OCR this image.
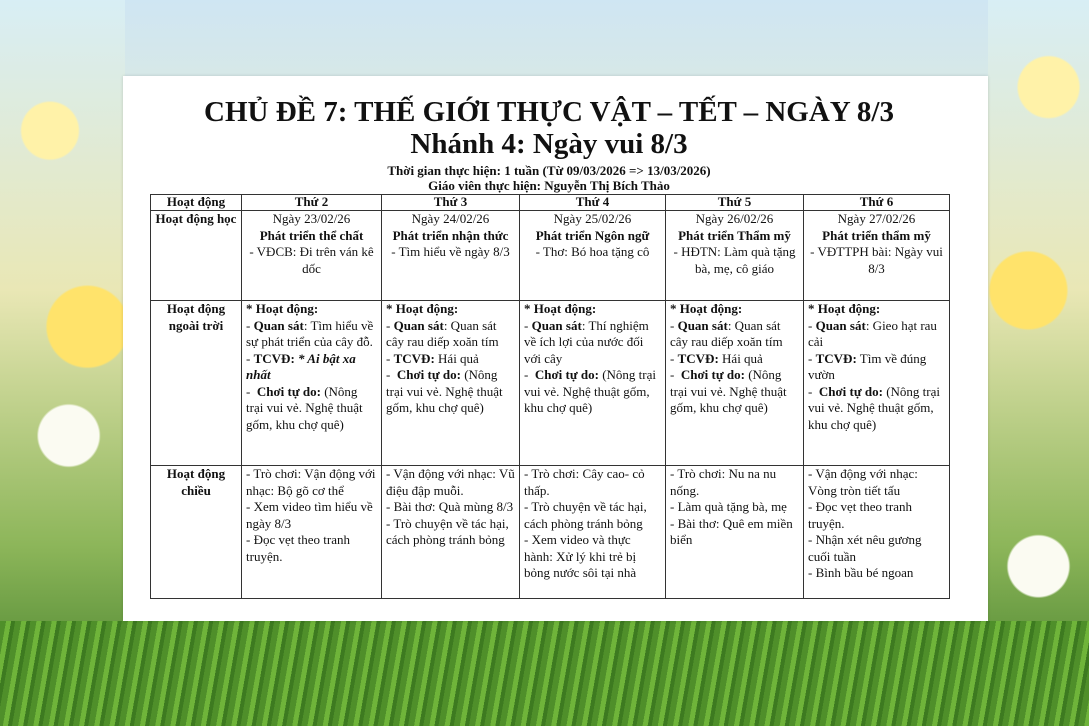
CHỦ ĐỀ 7: THẾ GIỚI THỰC VẬT – TẾT – NGÀY 8/3
Nhánh 4: Ngày vui 8/3
Thời gian thực hiện: 1 tuần (Từ 09/03/2026 => 13/03/2026)
Giáo viên thực hiện: Nguyễn Thị Bích Thảo
Hoạt động	Thứ 2	Thứ 3	Thứ 4	Thứ 5	Thứ 6
Hoạt động học	Ngày 23/02/26
Phát triển thể chất
- VĐCB: Đi trên ván kê dốc	Ngày 24/02/26
Phát triển nhận thức
- Tìm hiểu về ngày 8/3	Ngày 25/02/26
Phát triển Ngôn ngữ
- Thơ: Bó hoa tặng cô	Ngày 26/02/26
Phát triển Thẩm mỹ
- HĐTN: Làm quà tặng bà, mẹ, cô giáo	Ngày 27/02/26
Phát triển thẩm mỹ
- VĐTTPH bài: Ngày vui 8/3

Hoạt động ngoài trời	* Hoạt động:
- Quan sát: Tìm hiểu về sự phát triển của cây đỗ.
- TCVĐ: * Ai bật xa nhất
-  Chơi tự do: (Nông trại vui vẻ. Nghệ thuật gốm, khu chợ quê)	* Hoạt động:
- Quan sát: Quan sát cây rau diếp xoăn tím
- TCVĐ: Hái quả
-  Chơi tự do: (Nông trại vui vẻ. Nghệ thuật gốm, khu chợ quê)	* Hoạt động:
- Quan sát: Thí nghiệm về ích lợi của nước đối với cây
-  Chơi tự do: (Nông trại vui vẻ. Nghệ thuật gốm, khu chợ quê)	* Hoạt động:
- Quan sát: Quan sát cây rau diếp xoăn tím
- TCVĐ: Hái quả
-  Chơi tự do: (Nông trại vui vẻ. Nghệ thuật gốm, khu chợ quê)	* Hoạt động:
- Quan sát: Gieo hạt rau cải
- TCVĐ: Tìm về đúng vườn
-  Chơi tự do: (Nông trại vui vẻ. Nghệ thuật gốm, khu chợ quê)

Hoạt động chiều	- Trò chơi: Vận động với nhạc: Bộ gõ cơ thể
- Xem video tìm hiểu về ngày 8/3
- Đọc vẹt theo tranh truyện.	- Vận động với nhạc: Vũ điệu đập muỗi.
- Bài thơ: Quà mùng 8/3
- Trò chuyện về tác hại, cách phòng tránh bỏng	- Trò chơi: Cây cao- cỏ thấp.
- Trò chuyện về tác hại, cách phòng tránh bỏng
- Xem video và thực hành: Xử lý khi trẻ bị bỏng nước sôi tại nhà	- Trò chơi: Nu na nu nống.
- Làm quà tặng bà, mẹ
- Bài thơ: Quê em miền biển	- Vận động với nhạc: Vòng tròn tiết tấu
- Đọc vẹt theo tranh truyện.
- Nhận xét nêu gương cuối tuần
- Bình bầu bé ngoan
